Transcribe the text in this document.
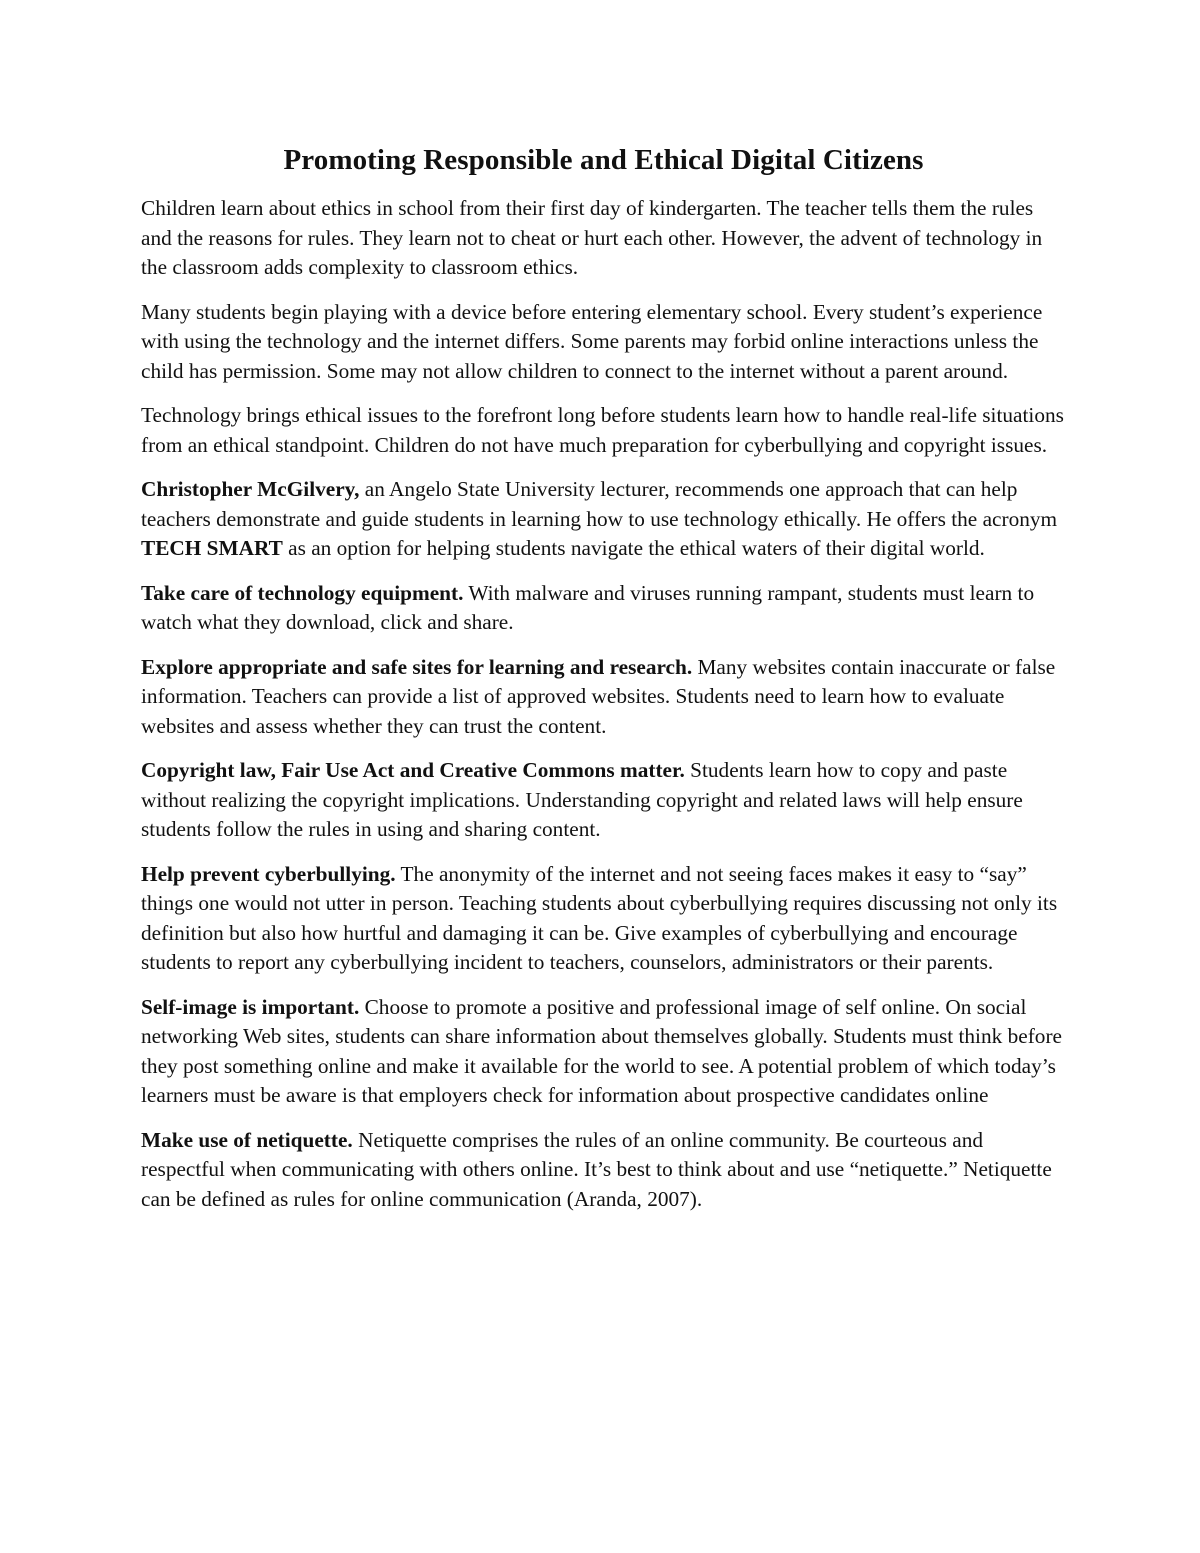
Promoting Responsible and Ethical Digital Citizens

Children learn about ethics in school from their first day of kindergarten. The teacher tells them the rules and the reasons for rules. They learn not to cheat or hurt each other. However, the advent of technology in the classroom adds complexity to classroom ethics.

Many students begin playing with a device before entering elementary school. Every student’s experience with using the technology and the internet differs. Some parents may forbid online interactions unless the child has permission. Some may not allow children to connect to the internet without a parent around.

Technology brings ethical issues to the forefront long before students learn how to handle real-life situations from an ethical standpoint. Children do not have much preparation for cyberbullying and copyright issues.

Christopher McGilvery, an Angelo State University lecturer, recommends one approach that can help teachers demonstrate and guide students in learning how to use technology ethically. He offers the acronym TECH SMART as an option for helping students navigate the ethical waters of their digital world.

Take care of technology equipment. With malware and viruses running rampant, students must learn to watch what they download, click and share.

Explore appropriate and safe sites for learning and research. Many websites contain inaccurate or false information. Teachers can provide a list of approved websites. Students need to learn how to evaluate websites and assess whether they can trust the content.

Copyright law, Fair Use Act and Creative Commons matter. Students learn how to copy and paste without realizing the copyright implications. Understanding copyright and related laws will help ensure students follow the rules in using and sharing content.

Help prevent cyberbullying. The anonymity of the internet and not seeing faces makes it easy to “say” things one would not utter in person. Teaching students about cyberbullying requires discussing not only its definition but also how hurtful and damaging it can be. Give examples of cyberbullying and encourage students to report any cyberbullying incident to teachers, counselors, administrators or their parents.

Self-image is important. Choose to promote a positive and professional image of self online. On social networking Web sites, students can share information about themselves globally. Students must think before they post something online and make it available for the world to see. A potential problem of which today’s learners must be aware is that employers check for information about prospective candidates online

Make use of netiquette. Netiquette comprises the rules of an online community. Be courteous and respectful when communicating with others online. It’s best to think about and use “netiquette.” Netiquette can be defined as rules for online communication (Aranda, 2007).
